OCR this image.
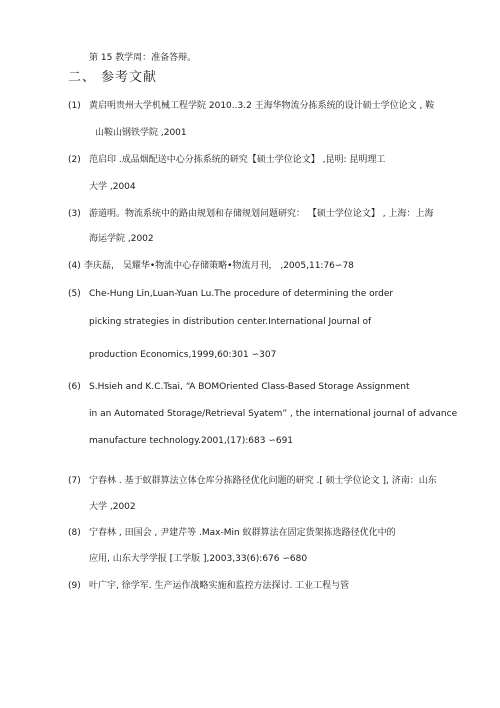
第 15 教学周：准备答辩。
二、 参考文献
(1) 黄启明贵州大学机械工程学院 2010..3.2 王海华物流分拣系统的设计硕士学位论文 , 鞍
山鞍山钢铁学院 ,2001
(2) 范启印 .成品烟配送中心分拣系统的研究【硕士学位论文】 ,昆明: 昆明理工
大学 ,2004
(3) 游道明。物流系统中的路由规划和存储规划问题研究： 【硕士学位论文】 , 上海：上海
海运学院 ,2002
(4) 李庆磊， 吴耀华•物流中心存储策略•物流月刊， ,2005,11:76∽78
(5) Che-Hung Lin,Luan-Yuan Lu.The procedure of determining the order
picking strategies in distribution center.International Journal of
production Economics,1999,60:301 ∽307
(6) S.Hsieh and K.C.Tsai, “A BOMOriented Class-Based Storage Assignment
in an Automated Storage/Retrieval Syatem” , the international journal of advance
manufacture technology.2001,(17):683 ∽691
(7) 宁春林 . 基于蚁群算法立体仓库分拣路径优化问题的研究 .[ 硕士学位论文 ], 济南：山东
大学 ,2002
(8) 宁春林 , 田国会 , 尹建芹等 .Max-Min 蚁群算法在固定货架拣选路径优化中的
应用, 山东大学学报 [工学版 ],2003,33(6):676 ∽680
(9) 叶广宇, 徐学军. 生产运作战略实施和监控方法探讨. 工业工程与管
